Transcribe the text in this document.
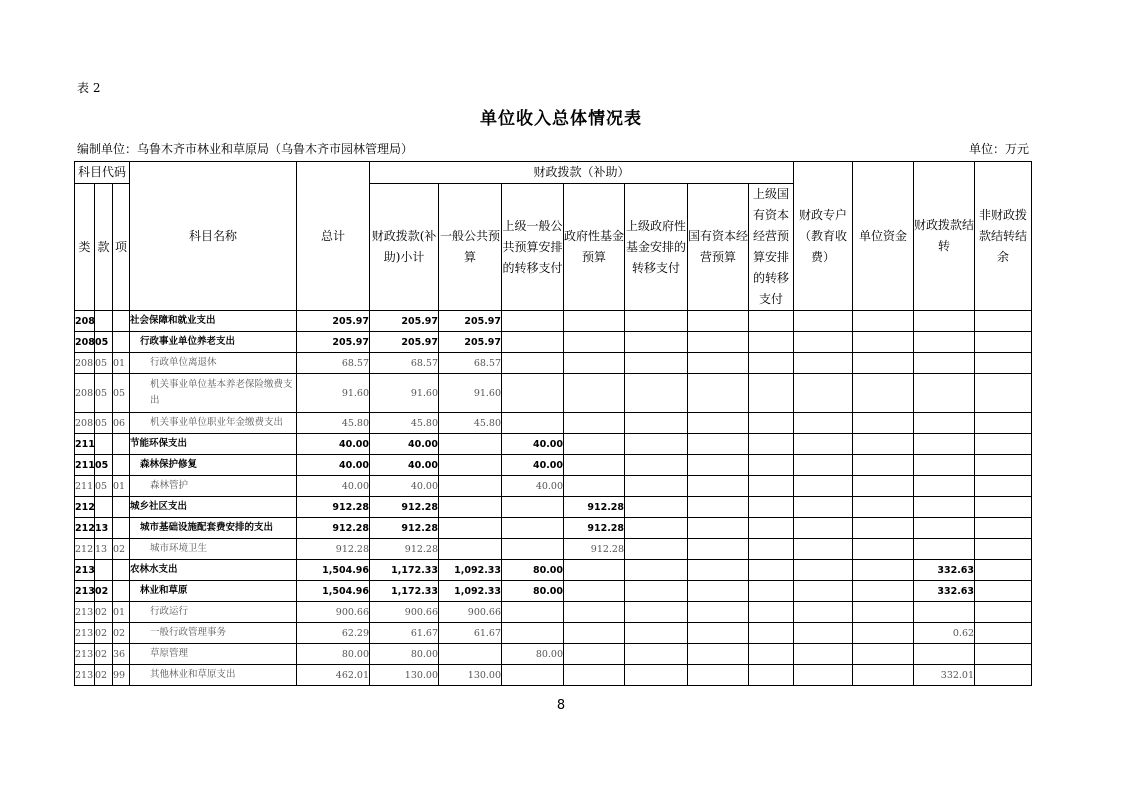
表 2
单位收入总体情况表
编制单位：乌鲁木齐市林业和草原局（乌鲁木齐市园林管理局）	单位：万元
科目代码			科目名称	总计	财政拨款（补助）							财政专户（教育收费）	单位资金	财政拨款结转	非财政拨款结转结余
类	款	项			财政拨款(补助)小计	一般公共预算	上级一般公共预算安排的转移支付	政府性基金预算	上级政府性基金安排的转移支付	国有资本经营预算	上级国有资本经营预算安排的转移支付				
208			社会保障和就业支出	205.97	205.97	205.97									
208	05		行政事业单位养老支出	205.97	205.97	205.97									
208	05	01	行政单位离退休	68.57	68.57	68.57									
208	05	05	机关事业单位基本养老保险缴费支出	91.60	91.60	91.60									
208	05	06	机关事业单位职业年金缴费支出	45.80	45.80	45.80									
211			节能环保支出	40.00	40.00		40.00								
211	05		森林保护修复	40.00	40.00		40.00								
211	05	01	森林管护	40.00	40.00		40.00								
212			城乡社区支出	912.28	912.28			912.28							
212	13		城市基础设施配套费安排的支出	912.28	912.28			912.28							
212	13	02	城市环境卫生	912.28	912.28			912.28							
213			农林水支出	1,504.96	1,172.33	1,092.33	80.00							332.63	
213	02		林业和草原	1,504.96	1,172.33	1,092.33	80.00							332.63	
213	02	01	行政运行	900.66	900.66	900.66									
213	02	02	一般行政管理事务	62.29	61.67	61.67								0.62	
213	02	36	草原管理	80.00	80.00		80.00								
213	02	99	其他林业和草原支出	462.01	130.00	130.00								332.01	
8
